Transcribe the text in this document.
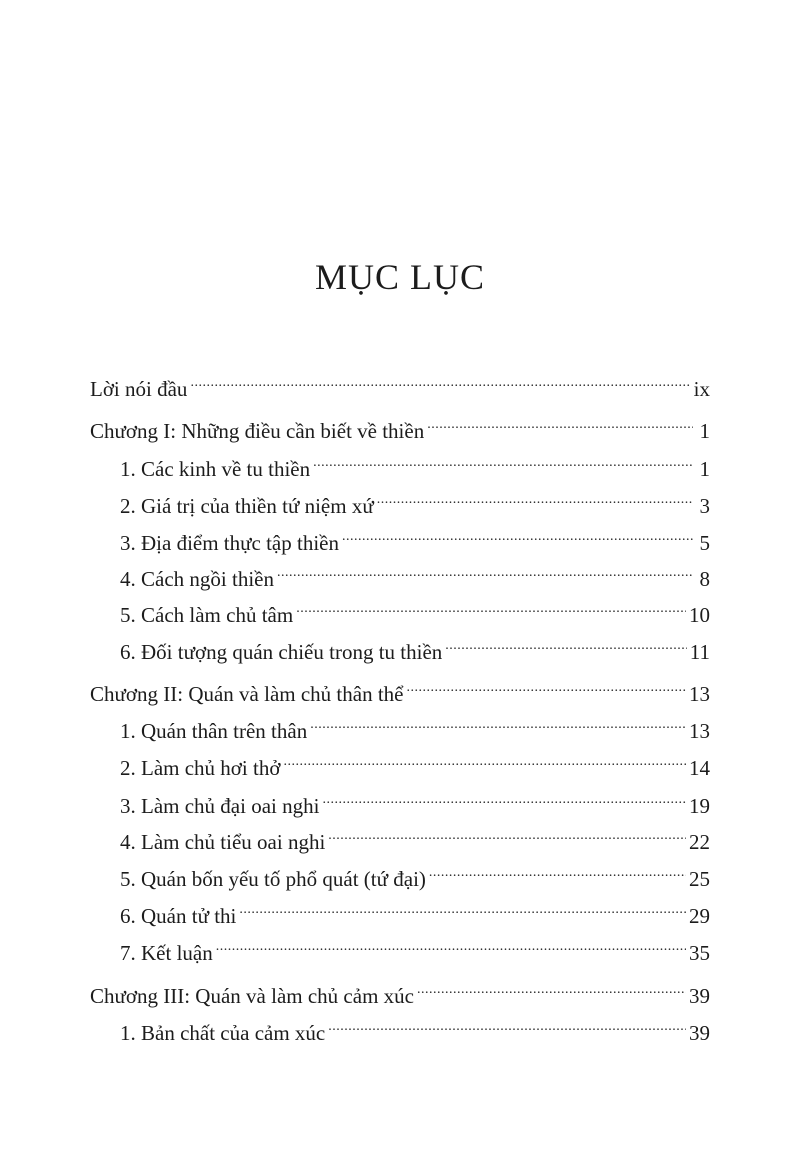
MỤC LỤC
Lời nói đầu .....	ix
Chương I: Những điều cần biết về thiền .....	1
1. Các kinh về tu thiền .....	1
2. Giá trị của thiền tứ niệm xứ .....	3
3. Địa điểm thực tập thiền .....	5
4. Cách ngồi thiền .....	8
5. Cách làm chủ tâm .....	10
6. Đối tượng quán chiếu trong tu thiền .....	11
Chương II: Quán và làm chủ thân thể .....	13
1. Quán thân trên thân .....	13
2. Làm chủ hơi thở .....	14
3. Làm chủ đại oai nghi .....	19
4. Làm chủ tiểu oai nghi .....	22
5. Quán bốn yếu tố phổ quát (tứ đại) .....	25
6. Quán tử thi .....	29
7. Kết luận .....	35
Chương III: Quán và làm chủ cảm xúc .....	39
1. Bản chất của cảm xúc .....	39
